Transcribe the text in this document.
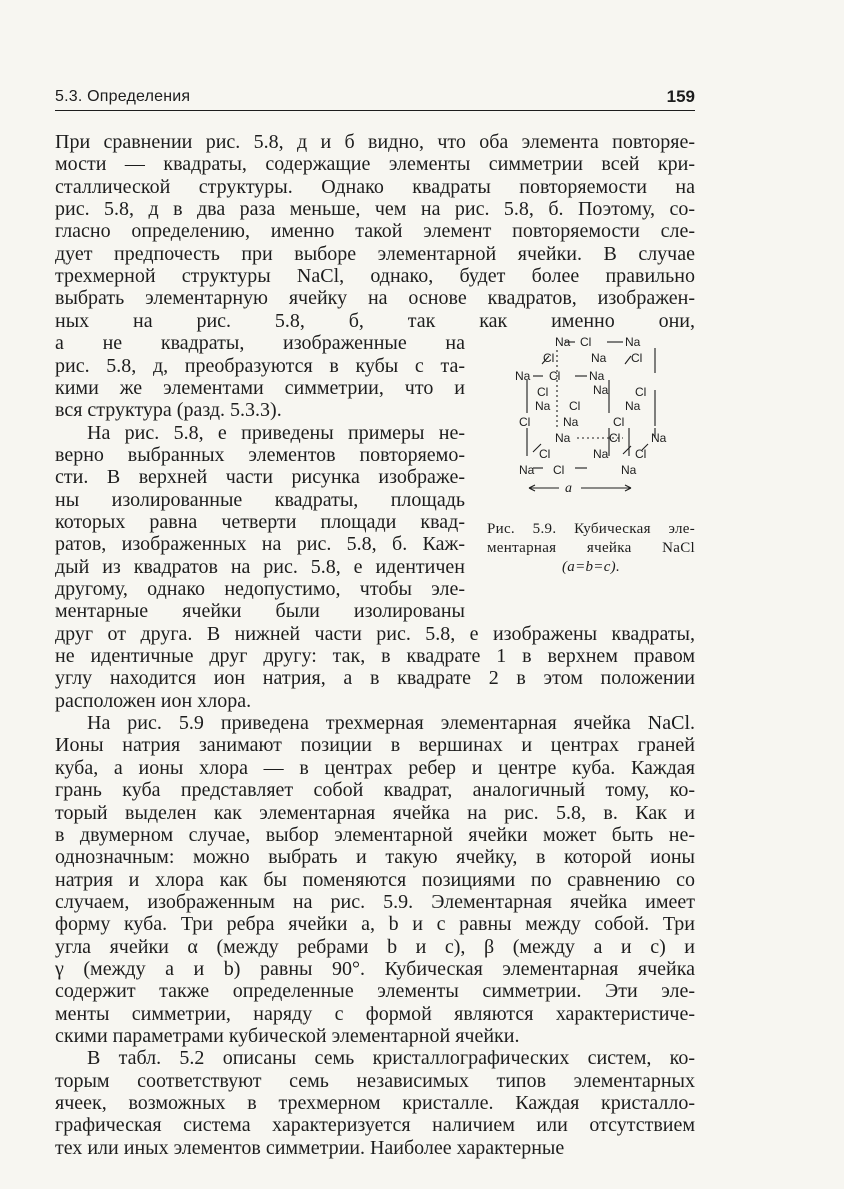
5.3. Определения	159
При сравнении рис. 5.8, д и б видно, что оба элемента повторяе-
мости — квадраты, содержащие элементы симметрии всей кри-
сталлической структуры. Однако квадраты повторяемости на
рис. 5.8, д в два раза меньше, чем на рис. 5.8, б. Поэтому, со-
гласно определению, именно такой элемент повторяемости сле-
дует предпочесть при выборе элементарной ячейки. В случае
трехмерной структуры NaCl, однако, будет более правильно
выбрать элементарную ячейку на основе квадратов, изображен-
ных на рис. 5.8, б, так как именно они,
а не квадраты, изображенные на
рис. 5.8, д, преобразуются в кубы с та-
кими же элементами симметрии, что и
вся структура (разд. 5.3.3).
На рис. 5.8, е приведены примеры не-
верно выбранных элементов повторяемо-
сти. В верхней части рисунка изображе-
ны изолированные квадраты, площадь
которых равна четверти площади квад-
ратов, изображенных на рис. 5.8, б. Каж-
дый из квадратов на рис. 5.8, е идентичен
другому, однако недопустимо, чтобы эле-
ментарные ячейки были изолированы
друг от друга. В нижней части рис. 5.8, е изображены квадраты,
не идентичные друг другу: так, в квадрате 1 в верхнем правом
углу находится ион натрия, а в квадрате 2 в этом положении
расположен ион хлора.
На рис. 5.9 приведена трехмерная элементарная ячейка NaCl.
Ионы натрия занимают позиции в вершинах и центрах граней
куба, а ионы хлора — в центрах ребер и центре куба. Каждая
грань куба представляет собой квадрат, аналогичный тому, ко-
торый выделен как элементарная ячейка на рис. 5.8, в. Как и
в двумерном случае, выбор элементарной ячейки может быть не-
однозначным: можно выбрать и такую ячейку, в которой ионы
натрия и хлора как бы поменяются позициями по сравнению со
случаем, изображенным на рис. 5.9. Элементарная ячейка имеет
форму куба. Три ребра ячейки a, b и c равны между собой. Три
угла ячейки α (между ребрами b и c), β (между a и c) и
γ (между a и b) равны 90°. Кубическая элементарная ячейка
содержит также определенные элементы симметрии. Эти эле-
менты симметрии, наряду с формой являются характеристиче-
скими параметрами кубической элементарной ячейки.
В табл. 5.2 описаны семь кристаллографических систем, ко-
торым соответствуют семь независимых типов элементарных
ячеек, возможных в трехмерном кристалле. Каждая кристалло-
графическая система характеризуется наличием или отсутствием
тех или иных элементов симметрии. Наиболее характерные
Na Cl	Na
Cl	Na Cl
Na Cl Na
Cl	Na Cl
Na Cl	Na
Cl	Na	Cl
Na	Cl	Na
Cl	Na Cl
Na Cl	Na
a
Рис. 5.9. Кубическая эле-
ментарная ячейка NaCl
(a=b=c).
